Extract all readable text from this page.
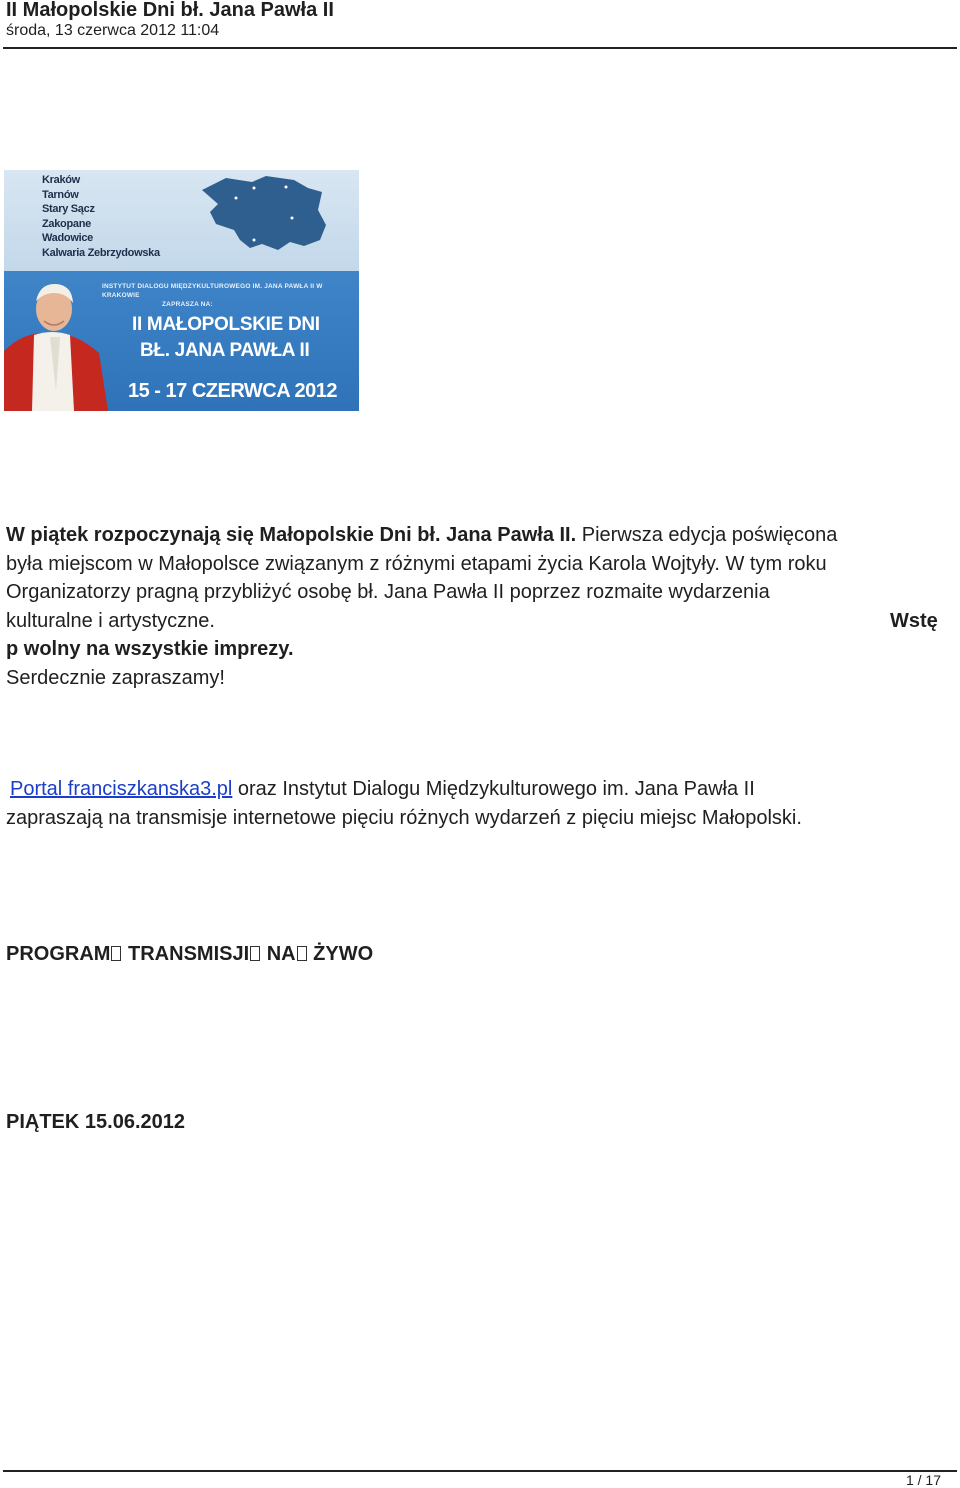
II Małopolskie Dni bł. Jana Pawła II
środa, 13 czerwca 2012 11:04
Kraków
Tarnów
Stary Sącz
Zakopane
Wadowice
Kalwaria Zebrzydowska
INSTYTUT DIALOGU MIĘDZYKULTUROWEGO IM. JANA PAWŁA II W KRAKOWIE
ZAPRASZA NA:
II MAŁOPOLSKIE DNI
BŁ. JANA PAWŁA II
15 - 17 CZERWCA 2012
W piątek rozpoczynają się Małopolskie Dni bł. Jana Pawła II. Pierwsza edycja poświęcona
była miejscom w Małopolsce związanym z różnymi etapami życia Karola Wojtyły. W tym roku
Organizatorzy pragną przybliżyć osobę bł. Jana Pawła II poprzez rozmaite wydarzenia
kulturalne i artystyczne.	Wstę
p wolny na wszystkie imprezy.
Serdecznie zapraszamy!
Portal franciszkanska3.pl oraz Instytut Dialogu Międzykulturowego im. Jana Pawła II
zapraszają na transmisje internetowe pięciu różnych wydarzeń z pięciu miejsc Małopolski.
PROGRAM TRANSMISJI NA ŻYWO
PIĄTEK 15.06.2012
1 / 17
